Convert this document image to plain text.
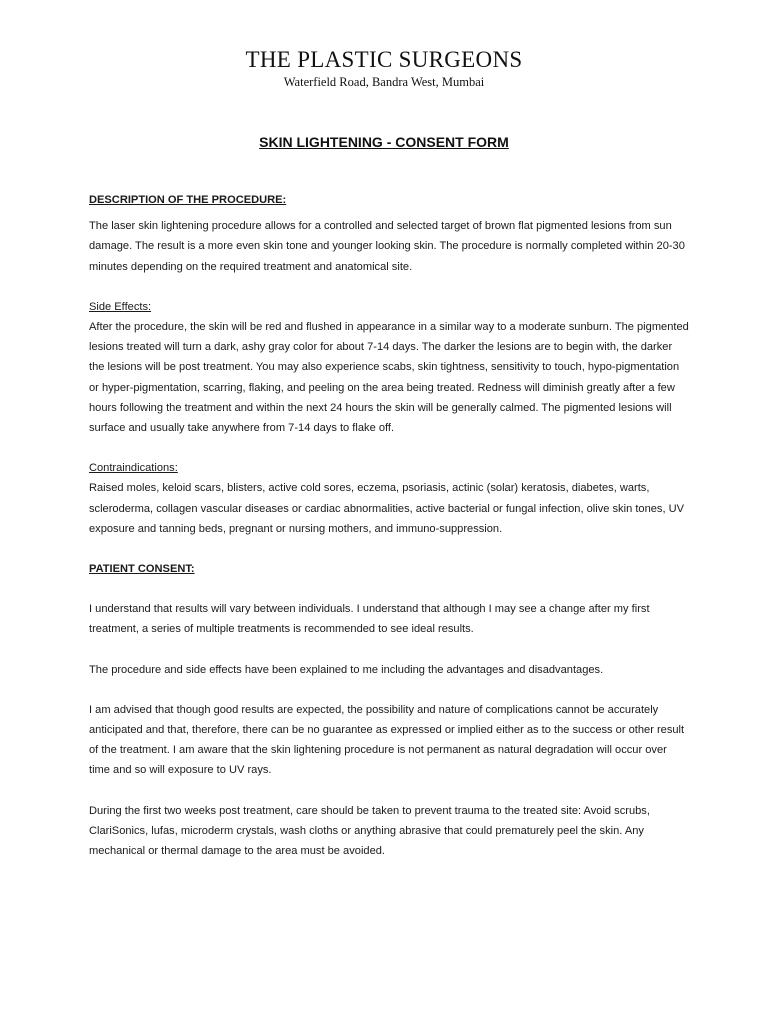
THE PLASTIC SURGEONS
Waterfield Road, Bandra West, Mumbai
SKIN LIGHTENING - CONSENT FORM

DESCRIPTION OF THE PROCEDURE:

The laser skin lightening procedure allows for a controlled and selected target of brown flat pigmented lesions from sun damage. The result is a more even skin tone and younger looking skin. The procedure is normally completed within 20-30 minutes depending on the required treatment and anatomical site.

Side Effects:

After the procedure, the skin will be red and flushed in appearance in a similar way to a moderate sunburn. The pigmented lesions treated will turn a dark, ashy gray color for about 7-14 days. The darker the lesions are to begin with, the darker the lesions will be post treatment. You may also experience scabs, skin tightness, sensitivity to touch, hypo-pigmentation or hyper-pigmentation, scarring, flaking, and peeling on the area being treated. Redness will diminish greatly after a few hours following the treatment and within the next 24 hours the skin will be generally calmed. The pigmented lesions will surface and usually take anywhere from 7-14 days to flake off.

Contraindications:

Raised moles, keloid scars, blisters, active cold sores, eczema, psoriasis, actinic (solar) keratosis, diabetes, warts, scleroderma, collagen vascular diseases or cardiac abnormalities, active bacterial or fungal infection, olive skin tones, UV exposure and tanning beds, pregnant or nursing mothers, and immuno-suppression.

PATIENT CONSENT:

I understand that results will vary between individuals. I understand that although I may see a change after my first treatment, a series of multiple treatments is recommended to see ideal results.

The procedure and side effects have been explained to me including the advantages and disadvantages.

I am advised that though good results are expected, the possibility and nature of complications cannot be accurately anticipated and that, therefore, there can be no guarantee as expressed or implied either as to the success or other result of the treatment. I am aware that the skin lightening procedure is not permanent as natural degradation will occur over time and so will exposure to UV rays.

During the first two weeks post treatment, care should be taken to prevent trauma to the treated site: Avoid scrubs, ClariSonics, lufas, microderm crystals, wash cloths or anything abrasive that could prematurely peel the skin. Any mechanical or thermal damage to the area must be avoided.
